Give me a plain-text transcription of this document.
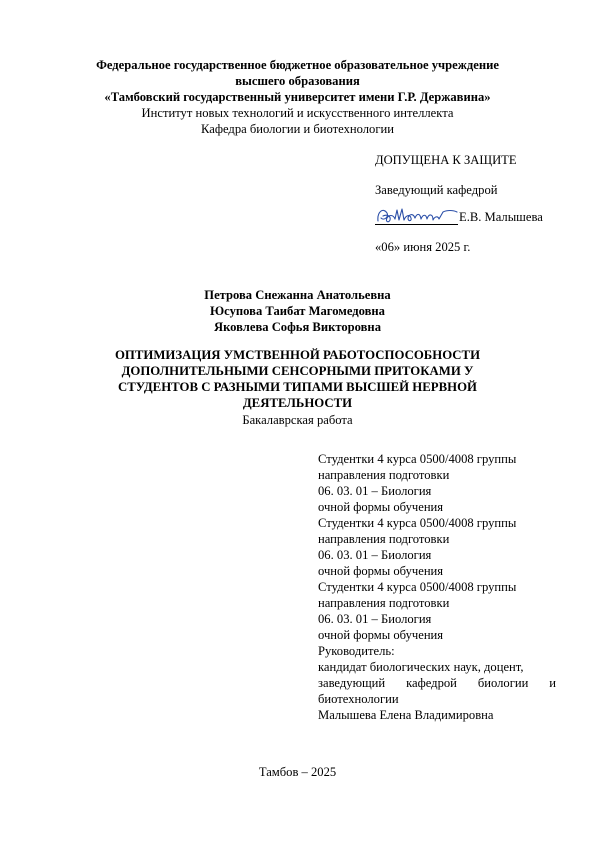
Федеральное государственное бюджетное образовательное учреждение
высшего образования
«Тамбовский государственный университет имени Г.Р. Державина»
Институт новых технологий и искусственного интеллекта
Кафедра биологии и биотехнологии
ДОПУЩЕНА К ЗАЩИТЕ
Заведующий кафедрой
Е.В. Малышева
«06» июня 2025 г.
Петрова Снежанна Анатольевна
Юсупова Таибат Магомедовна
Яковлева Софья Викторовна
ОПТИМИЗАЦИЯ УМСТВЕННОЙ РАБОТОСПОСОБНОСТИ ДОПОЛНИТЕЛЬНЫМИ СЕНСОРНЫМИ ПРИТОКАМИ У СТУДЕНТОВ С РАЗНЫМИ ТИПАМИ ВЫСШЕЙ НЕРВНОЙ ДЕЯТЕЛЬНОСТИ
Бакалаврская работа
Студентки 4 курса 0500/4008 группы
направления подготовки
06. 03. 01 – Биология
очной формы обучения
Студентки 4 курса 0500/4008 группы
направления подготовки
06. 03. 01 – Биология
очной формы обучения
Студентки 4 курса 0500/4008 группы
направления подготовки
06. 03. 01 – Биология
очной формы обучения
Руководитель:
кандидат биологических наук, доцент,
заведующий кафедрой биологии и
биотехнологии
Малышева Елена Владимировна
Тамбов – 2025
